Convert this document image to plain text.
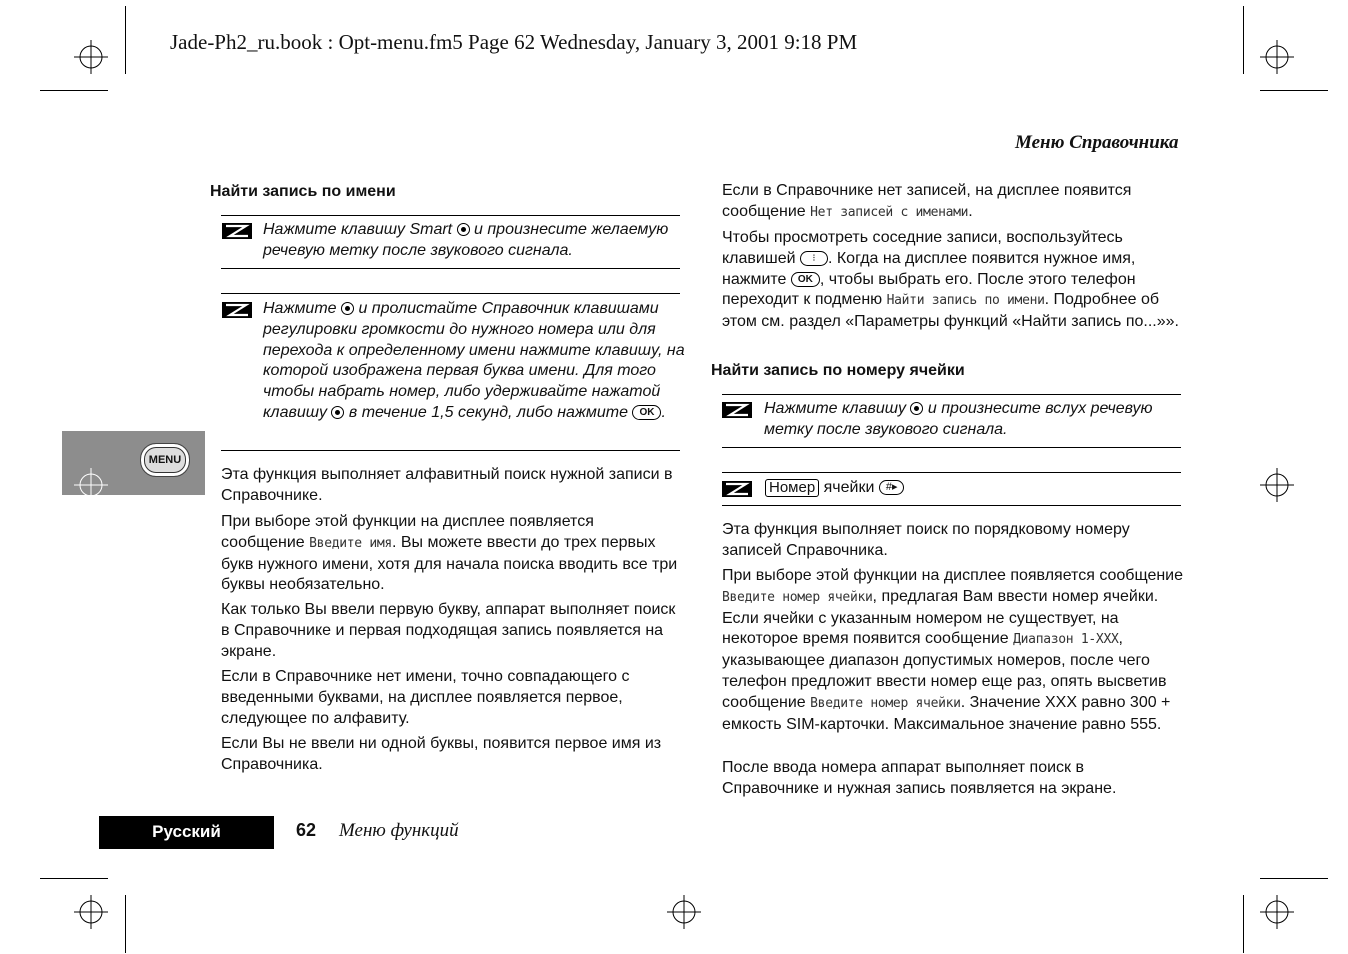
Jade-Ph2_ru.book : Opt-menu.fm5 Page 62 Wednesday, January 3, 2001 9:18 PM
Меню Справочника
MENU
Найти запись по имени
Нажмите клавишу Smart  и произнесите желаемую речевую метку после звукового сигнала.
Нажмите  и пролистайте Справочник клавишами регулировки громкости до нужного номера или для перехода к определенному имени нажмите клавишу, на которой изображена первая буква имени. Для того чтобы набрать номер, либо удерживайте нажатой клавишу  в течение 1,5 секунд, либо нажмите OK .
Эта функция выполняет алфавитный поиск нужной записи в Справочнике.
При выборе этой функции на дисплее появляется сообщение Введите имя. Вы можете ввести до трех первых букв нужного имени, хотя для начала поиска вводить все три буквы необязательно.
Как только Вы ввели первую букву, аппарат выполняет поиск в Справочнике и первая подходящая запись появляется на экране.
Если в Справочнике нет имени, точно совпадающего с введенными буквами, на дисплее появляется первое, следующее по алфавиту.
Если Вы не ввели ни одной буквы, появится первое имя из Справочника.
Если в Справочнике нет записей, на дисплее появится сообщение Нет записей с именами.
Чтобы просмотреть соседние записи, воспользуйтесь клавишей ⁝ . Когда на дисплее появится нужное имя, нажмите OK , чтобы выбрать его. После этого телефон переходит к подменю Найти запись по имени. Подробнее об этом см. раздел «Параметры функций «Найти запись по...»».
Найти запись по номеру ячейки
Нажмите клавишу  и произнесите вслух речевую метку после звукового сигнала.
Номер ячейки #▸
Эта функция выполняет поиск по порядковому номеру записей Справочника.
При выборе этой функции на дисплее появляется сообщение Введите номер ячейки, предлагая Вам ввести номер ячейки. Если ячейки с указанным номером не существует, на некоторое время появится сообщение Диапазон 1-XXX, указывающее диапазон допустимых номеров, после чего телефон предложит ввести номер еще раз, опять высветив сообщение Введите номер ячейки. Значение XXX равно 300 + емкость SIM-карточки. Максимальное значение равно 555.
После ввода номера аппарат выполняет поиск в Справочнике и нужная запись появляется на экране.
Русский	62 Меню функций
